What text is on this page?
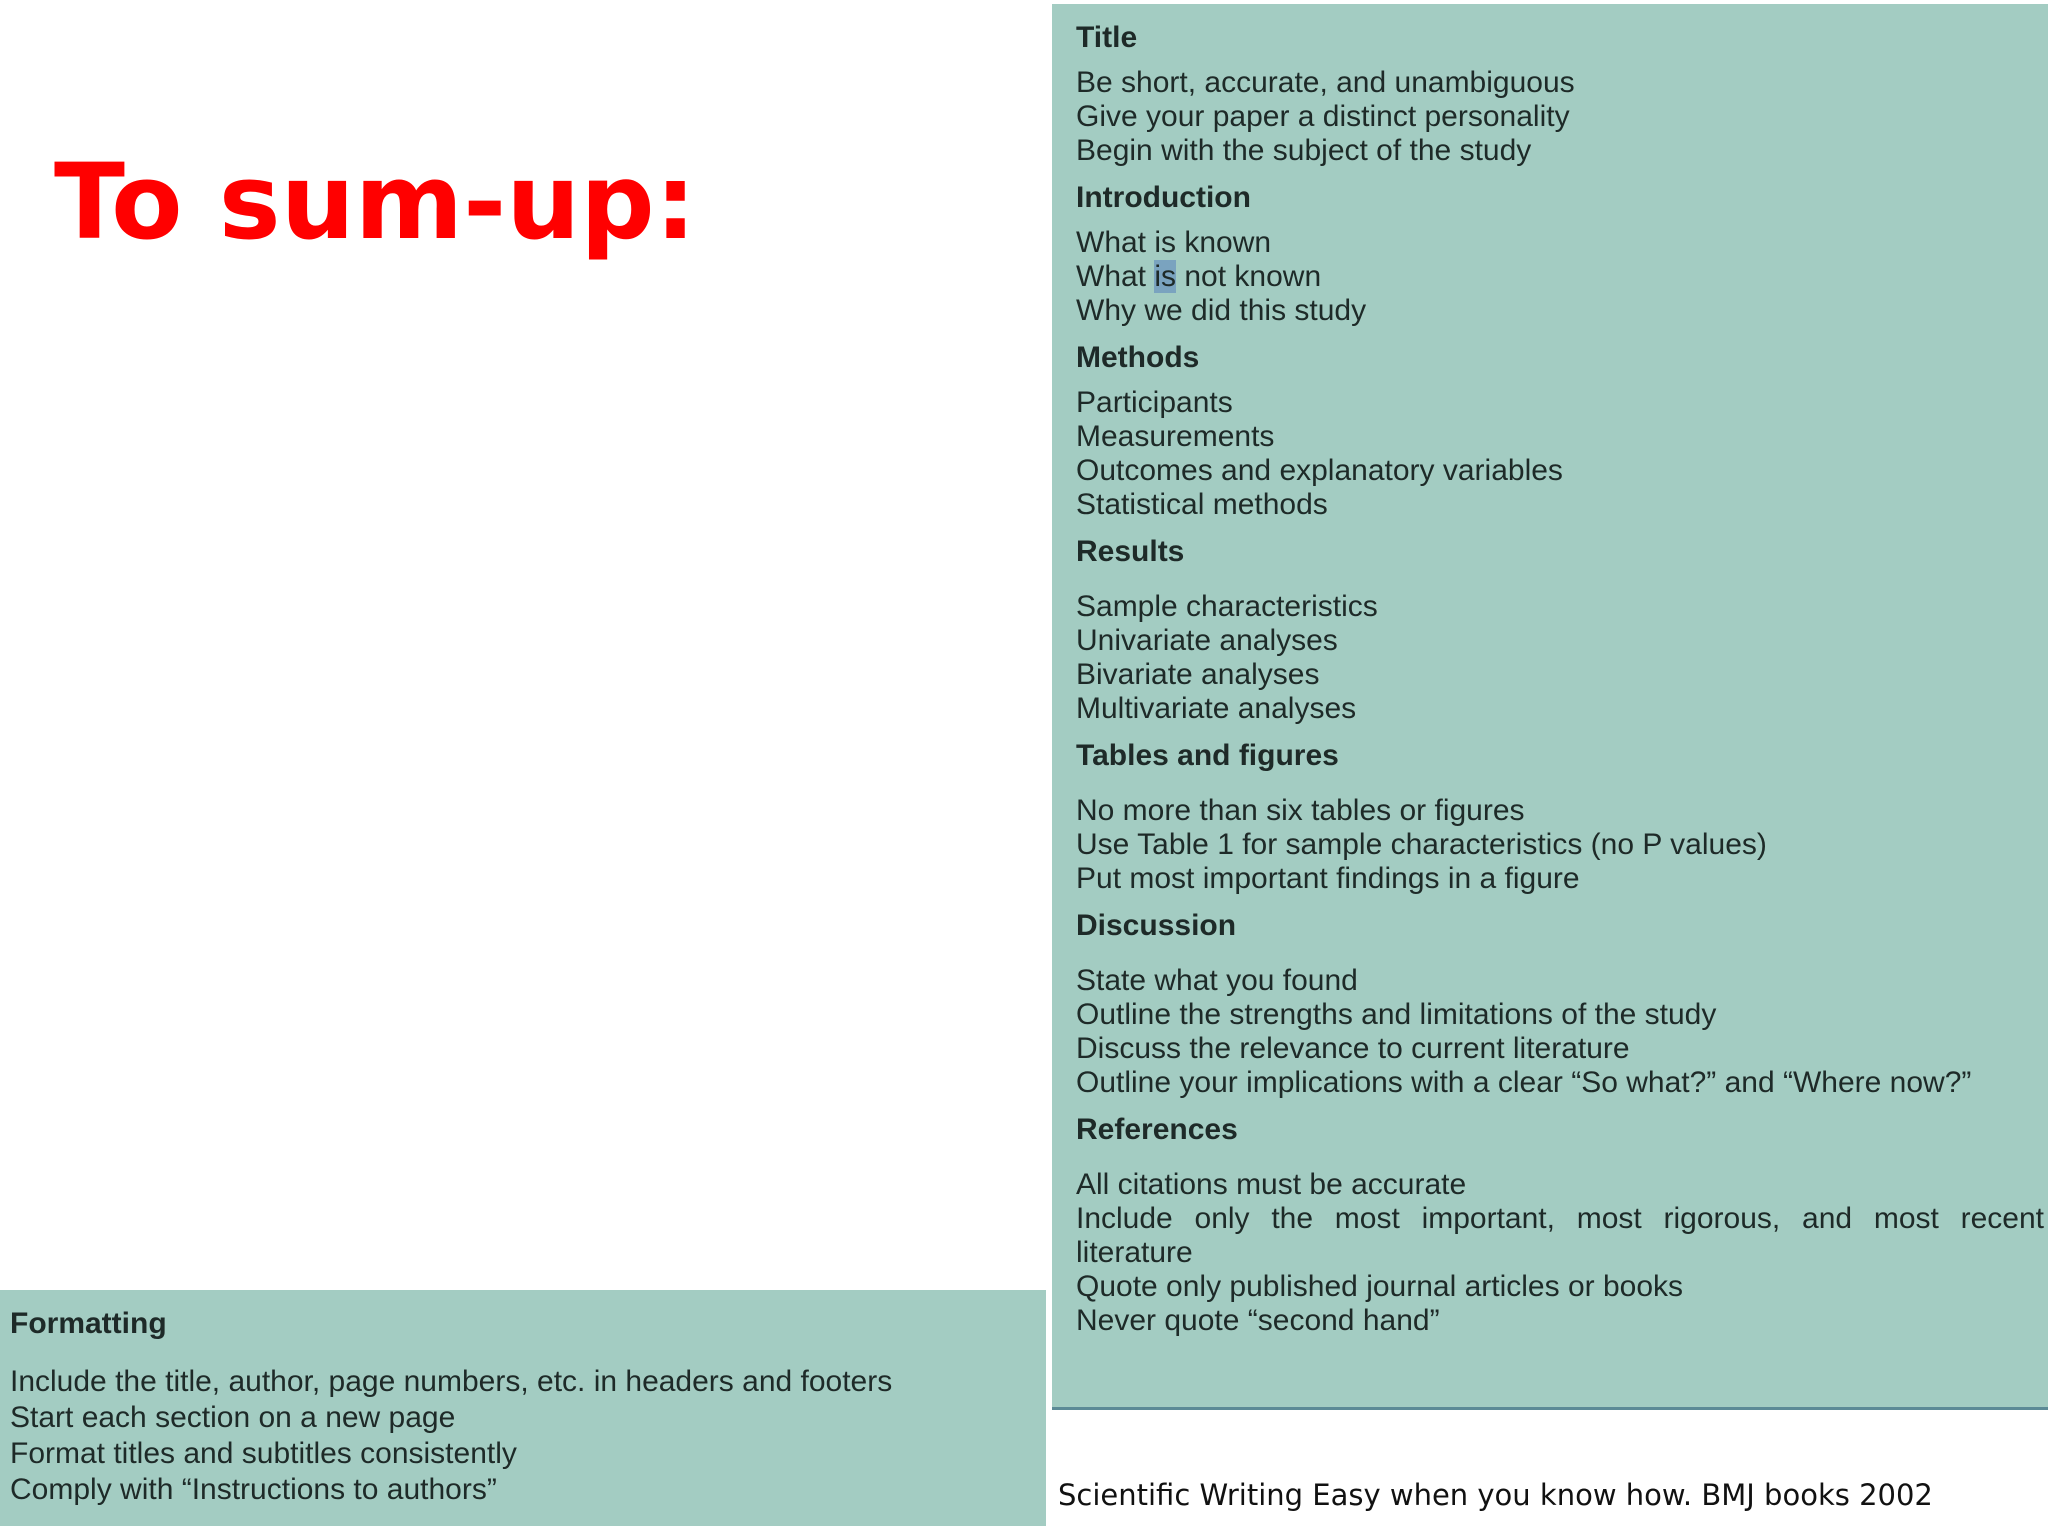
To sum-up:
Title
Be short, accurate, and unambiguous
Give your paper a distinct personality
Begin with the subject of the study
Introduction
What is known
What is not known
Why we did this study
Methods
Participants
Measurements
Outcomes and explanatory variables
Statistical methods
Results
Sample characteristics
Univariate analyses
Bivariate analyses
Multivariate analyses
Tables and figures
No more than six tables or figures
Use Table 1 for sample characteristics (no P values)
Put most important findings in a figure
Discussion
State what you found
Outline the strengths and limitations of the study
Discuss the relevance to current literature
Outline your implications with a clear “So what?” and “Where now?”
References
All citations must be accurate
Include only the most important, most rigorous, and most recent
literature
Quote only published journal articles or books
Never quote “second hand”
Formatting
Include the title, author, page numbers, etc. in headers and footers
Start each section on a new page
Format titles and subtitles consistently
Comply with “Instructions to authors”	Scientific Writing Easy when you know how. BMJ books 2002
